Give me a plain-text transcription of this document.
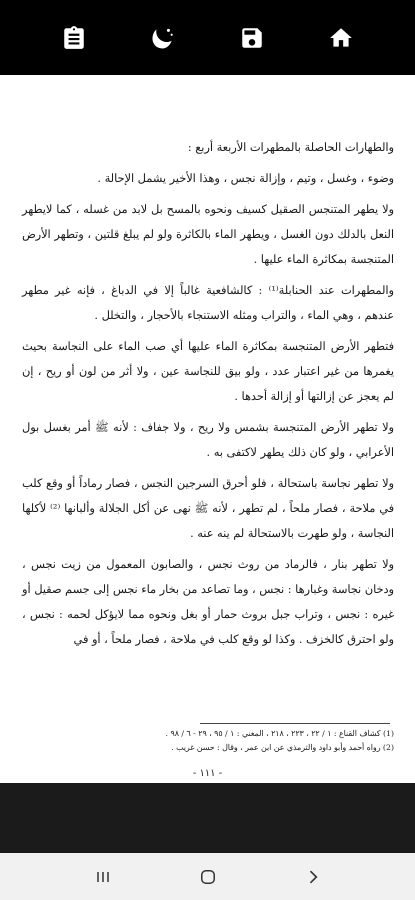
والطهارات الحاصلة بالمطهرات الأربعة أربع :

وضوء ، وغسل ، وتيم ، وإزالة نجس ، وهذا الأخير يشمل الإحالة .

ولا يطهر المتنجس الصقيل كسيف ونحوه بالمسح بل لابد من غسله ، كما لايطهر النعل بالدلك دون الغسل ، ويطهر الماء بالكاثرة ولو لم يبلغ قلتين ، وتطهر الأرض المتنجسة بمكاثرة الماء عليها .

والمطهرات عند الحنابلة⁽¹⁾ : كالشافعية غالباً إلا في الدباغ ، فإنه غير مطهر عندهم ، وهي الماء ، والتراب ومثله الاستنجاء بالأحجار ، والتخلل .

فتطهر الأرض المتنجسة بمكاثرة الماء عليها أي صب الماء على النجاسة بحيث يغمرها من غير اعتبار عدد ، ولو بيق للنجاسة عين ، ولا أثر من لون أو ريح ، إن لم يعجز عن إزالتها أو إزالة أحدها .

ولا تطهر الأرض المتنجسة بشمس ولا ريح ، ولا جفاف : لأنه ﷺ أمر بغسل بول الأعرابي ، ولو كان ذلك يطهر لاكتفى به .

ولا تطهر نجاسة باستحالة ، فلو أحرق السرجين النجس ، فصار رماداً أو وقع كلب في ملاحة ، فصار ملحاً ، لم تطهر ، لأنه ﷺ نهى عن أكل الجلالة وألبانها ⁽²⁾ لأكلها النجاسة ، ولو طهرت بالاستحالة لم ينه عنه .

ولا تطهر بنار ، فالرماد من روث نجس ، والصابون المعمول من زيت نجس ، ودخان نجاسة وغبارها : نجس ، وما تصاعد من بخار ماء نجس إلى جسم صقيل أو غيره : نجس ، وتراب جبل بروث حمار أو بغل ونحوه مما لايؤكل لحمه : نجس ، ولو احترق كالخزف . وكذا لو وقع كلب في ملاحة ، فصار ملحاً ، أو في

(1) كشاف القناع : ١ / ٢٢ ، ٢٢٣ ، ٢١٨ ، المغني : ١ / ٩٥ ، ٢٩ - ٦ / ٩٨ .
(2) رواه أحمد وأبو داود والترمذي عن ابن عمر ، وقال : حسن غريب .
- ١١١ -
